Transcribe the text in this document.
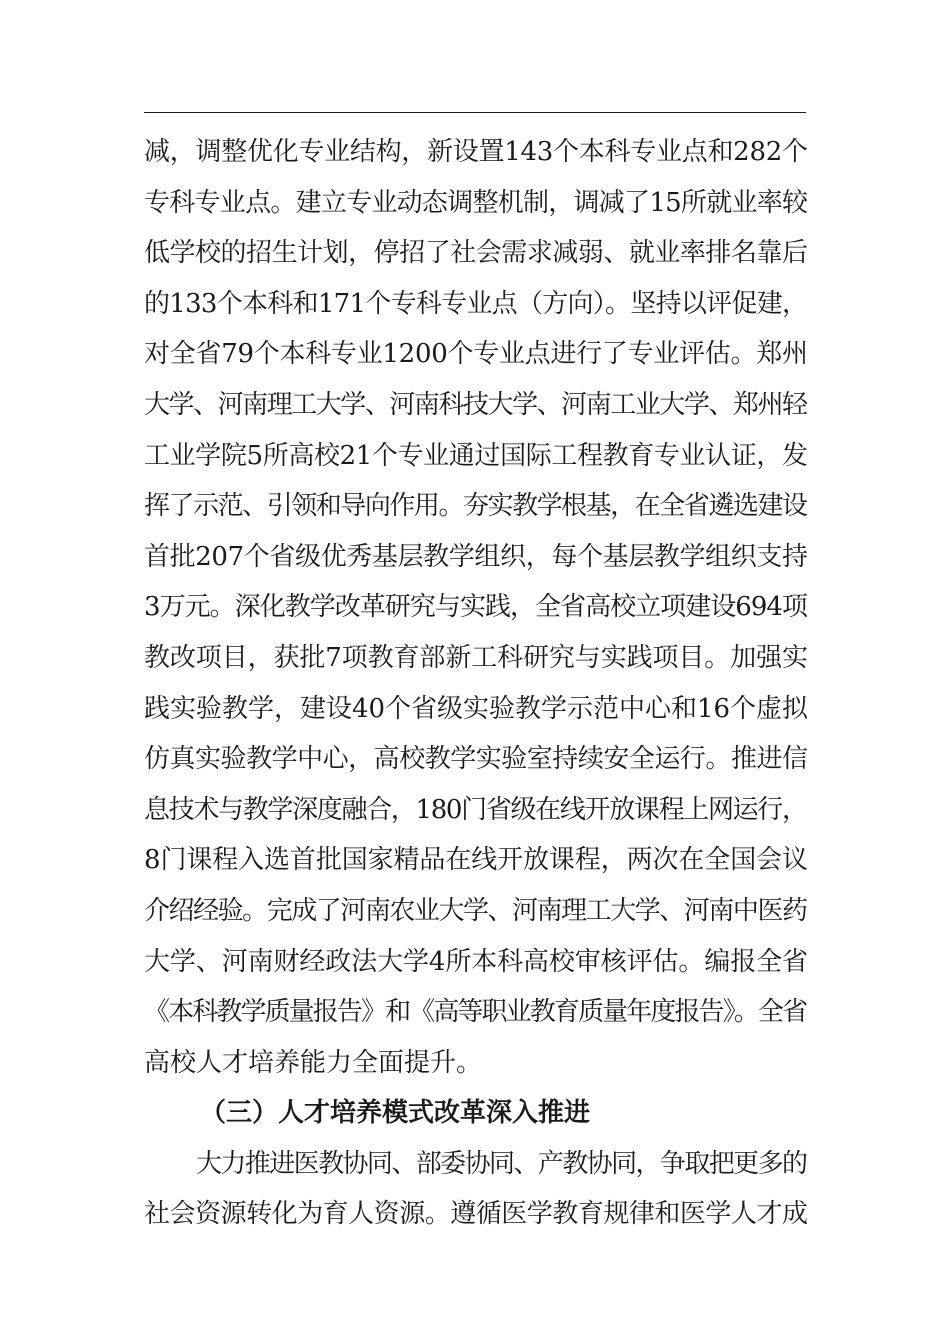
减，调整优化专业结构，新设置143个本科专业点和282个
专科专业点。建立专业动态调整机制，调减了15所就业率较
低学校的招生计划，停招了社会需求减弱、就业率排名靠后
的133个本科和171个专科专业点（方向）。坚持以评促建，
对全省79个本科专业1200个专业点进行了专业评估。郑州
大学、河南理工大学、河南科技大学、河南工业大学、郑州轻
工业学院5所高校21个专业通过国际工程教育专业认证，发
挥了示范、引领和导向作用。夯实教学根基，在全省遴选建设
首批207个省级优秀基层教学组织，每个基层教学组织支持
3万元。深化教学改革研究与实践，全省高校立项建设694项
教改项目，获批7项教育部新工科研究与实践项目。加强实
践实验教学，建设40个省级实验教学示范中心和16个虚拟
仿真实验教学中心，高校教学实验室持续安全运行。推进信
息技术与教学深度融合，180门省级在线开放课程上网运行，
8门课程入选首批国家精品在线开放课程，两次在全国会议
介绍经验。完成了河南农业大学、河南理工大学、河南中医药
大学、河南财经政法大学4所本科高校审核评估。编报全省
《本科教学质量报告》和《高等职业教育质量年度报告》。全省
高校人才培养能力全面提升。
（三）人才培养模式改革深入推进
大力推进医教协同、部委协同、产教协同，争取把更多的
社会资源转化为育人资源。遵循医学教育规律和医学人才成
